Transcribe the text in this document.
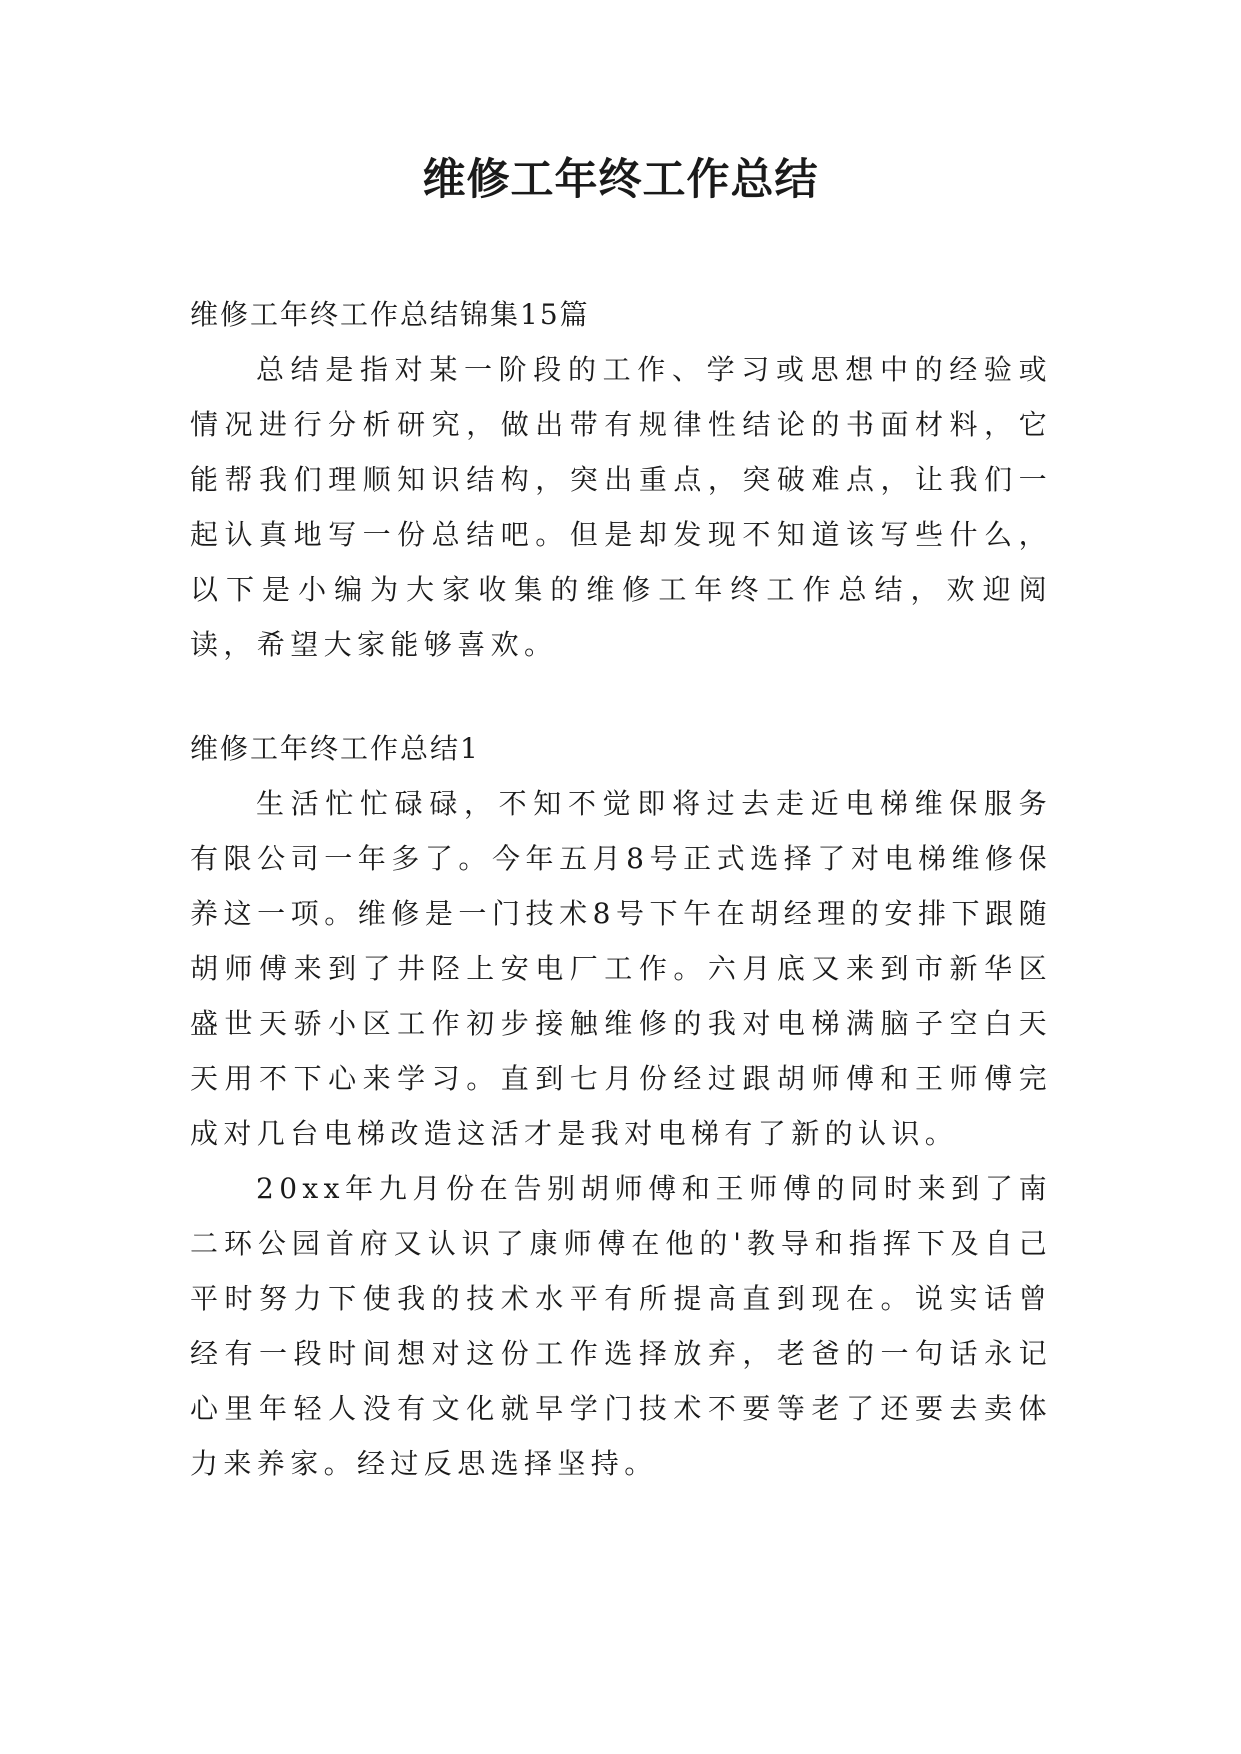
维修工年终工作总结

维修工年终工作总结锦集15篇

总结是指对某一阶段的工作、学习或思想中的经验或情况进行分析研究，做出带有规律性结论的书面材料，它能帮我们理顺知识结构，突出重点，突破难点，让我们一起认真地写一份总结吧。但是却发现不知道该写些什么，以下是小编为大家收集的维修工年终工作总结，欢迎阅读，希望大家能够喜欢。

维修工年终工作总结1

生活忙忙碌碌，不知不觉即将过去走近电梯维保服务有限公司一年多了。今年五月8号正式选择了对电梯维修保养这一项。维修是一门技术8号下午在胡经理的安排下跟随胡师傅来到了井陉上安电厂工作。六月底又来到市新华区盛世天骄小区工作初步接触维修的我对电梯满脑子空白天天用不下心来学习。直到七月份经过跟胡师傅和王师傅完成对几台电梯改造这活才是我对电梯有了新的认识。

20xx年九月份在告别胡师傅和王师傅的同时来到了南二环公园首府又认识了康师傅在他的'教导和指挥下及自己平时努力下使我的技术水平有所提高直到现在。说实话曾经有一段时间想对这份工作选择放弃，老爸的一句话永记心里年轻人没有文化就早学门技术不要等老了还要去卖体力来养家。经过反思选择坚持。
